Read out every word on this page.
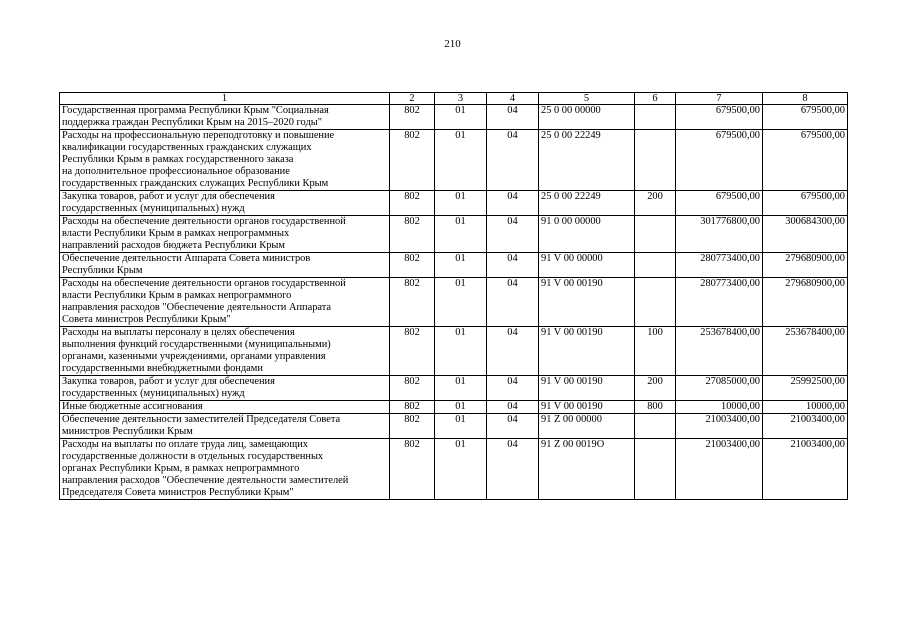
210
1	2	3	4	5	6	7	8

Государственная программа Республики Крым "Социальная
поддержка граждан Республики Крым на 2015–2020 годы"	802	01	04	25 0 00 00000		679500,00	679500,00

Расходы на профессиональную переподготовку и повышение
квалификации государственных гражданских служащих
Республики Крым в рамках государственного заказа
на дополнительное профессиональное образование
государственных гражданских служащих Республики Крым	802	01	04	25 0 00 22249		679500,00	679500,00

Закупка товаров, работ и услуг для обеспечения
государственных (муниципальных) нужд	802	01	04	25 0 00 22249	200	679500,00	679500,00

Расходы на обеспечение деятельности органов государственной
власти Республики Крым в рамках непрограммных
направлений расходов бюджета Республики Крым	802	01	04	91 0 00 00000		301776800,00	300684300,00

Обеспечение деятельности Аппарата Совета министров
Республики Крым	802	01	04	91 V 00 00000		280773400,00	279680900,00

Расходы на обеспечение деятельности органов государственной
власти Республики Крым в рамках непрограммного
направления расходов "Обеспечение деятельности Аппарата
Совета министров Республики Крым"	802	01	04	91 V 00 00190		280773400,00	279680900,00

Расходы на выплаты персоналу в целях обеспечения
выполнения функций государственными (муниципальными)
органами, казенными учреждениями, органами управления
государственными внебюджетными фондами	802	01	04	91 V 00 00190	100	253678400,00	253678400,00

Закупка товаров, работ и услуг для обеспечения
государственных (муниципальных) нужд	802	01	04	91 V 00 00190	200	27085000,00	25992500,00

Иные бюджетные ассигнования	802	01	04	91 V 00 00190	800	10000,00	10000,00

Обеспечение деятельности заместителей Председателя Совета
министров Республики Крым	802	01	04	91 Z 00 00000		21003400,00	21003400,00

Расходы на выплаты по оплате труда лиц, замещающих
государственные должности в отдельных государственных
органах Республики Крым, в рамках непрограммного
направления расходов "Обеспечение деятельности заместителей
Председателя Совета министров Республики Крым"	802	01	04	91 Z 00 0019O		21003400,00	21003400,00
